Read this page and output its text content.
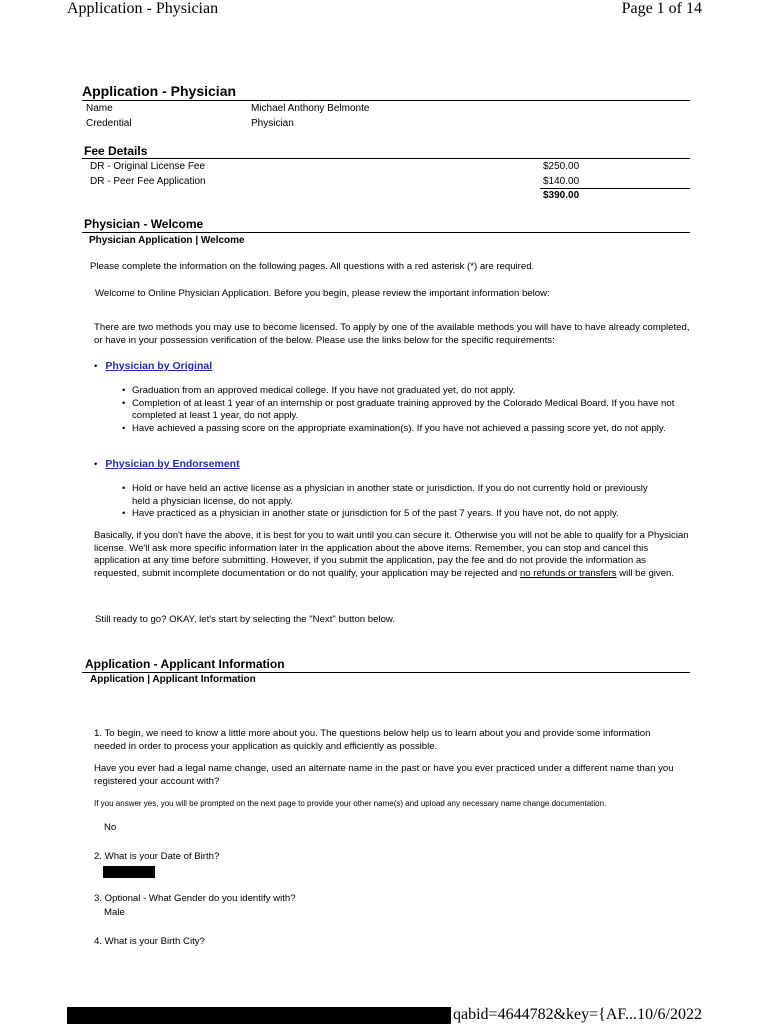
Application - Physician	Page 1 of 14
Application - Physician
Name	Michael Anthony Belmonte
Credential	Physician
Fee Details
DR - Original License Fee	$250.00
DR - Peer Fee Application	$140.00
$390.00
Physician - Welcome
Physician Application | Welcome
Please complete the information on the following pages. All questions with a red asterisk (*) are required.
Welcome to Online Physician Application. Before you begin, please review the important information below:
There are two methods you may use to become licensed. To apply by one of the available methods you will have to have already completed, or have in your possession verification of the below. Please use the links below for the specific requirements:
•   Physician by Original
• Graduation from an approved medical college. If you have not graduated yet, do not apply.
• Completion of at least 1 year of an internship or post graduate training approved by the Colorado Medical Board. If you have not completed at least 1 year, do not apply.
• Have achieved a passing score on the appropriate examination(s). If you have not achieved a passing score yet, do not apply.
•   Physician by Endorsement
• Hold or have held an active license as a physician in another state or jurisdiction. If you do not currently hold or previously held a physician license, do not apply.
• Have practiced as a physician in another state or jurisdiction for 5 of the past 7 years. If you have not, do not apply.
Basically, if you don't have the above, it is best for you to wait until you can secure it. Otherwise you will not be able to qualify for a Physician license. We'll ask more specific information later in the application about the above items. Remember, you can stop and cancel this application at any time before submitting. However, if you submit the application, pay the fee and do not provide the information as requested, submit incomplete documentation or do not qualify, your application may be rejected and no refunds or transfers will be given.
Still ready to go? OKAY, let's start by selecting the "Next" button below.
Application - Applicant Information
Application | Applicant Information
1. To begin, we need to know a little more about you. The questions below help us to learn about you and provide some information needed in order to process your application as quickly and efficiently as possible.
Have you ever had a legal name change, used an alternate name in the past or have you ever practiced under a different name than you registered your account with?
If you answer yes, you will be prompted on the next page to provide your other name(s) and upload any necessary name change documentation.
No
2. What is your Date of Birth?
3. Optional - What Gender do you identify with?
Male
4. What is your Birth City?
qabid=4644782&key={AF... 10/6/2022
